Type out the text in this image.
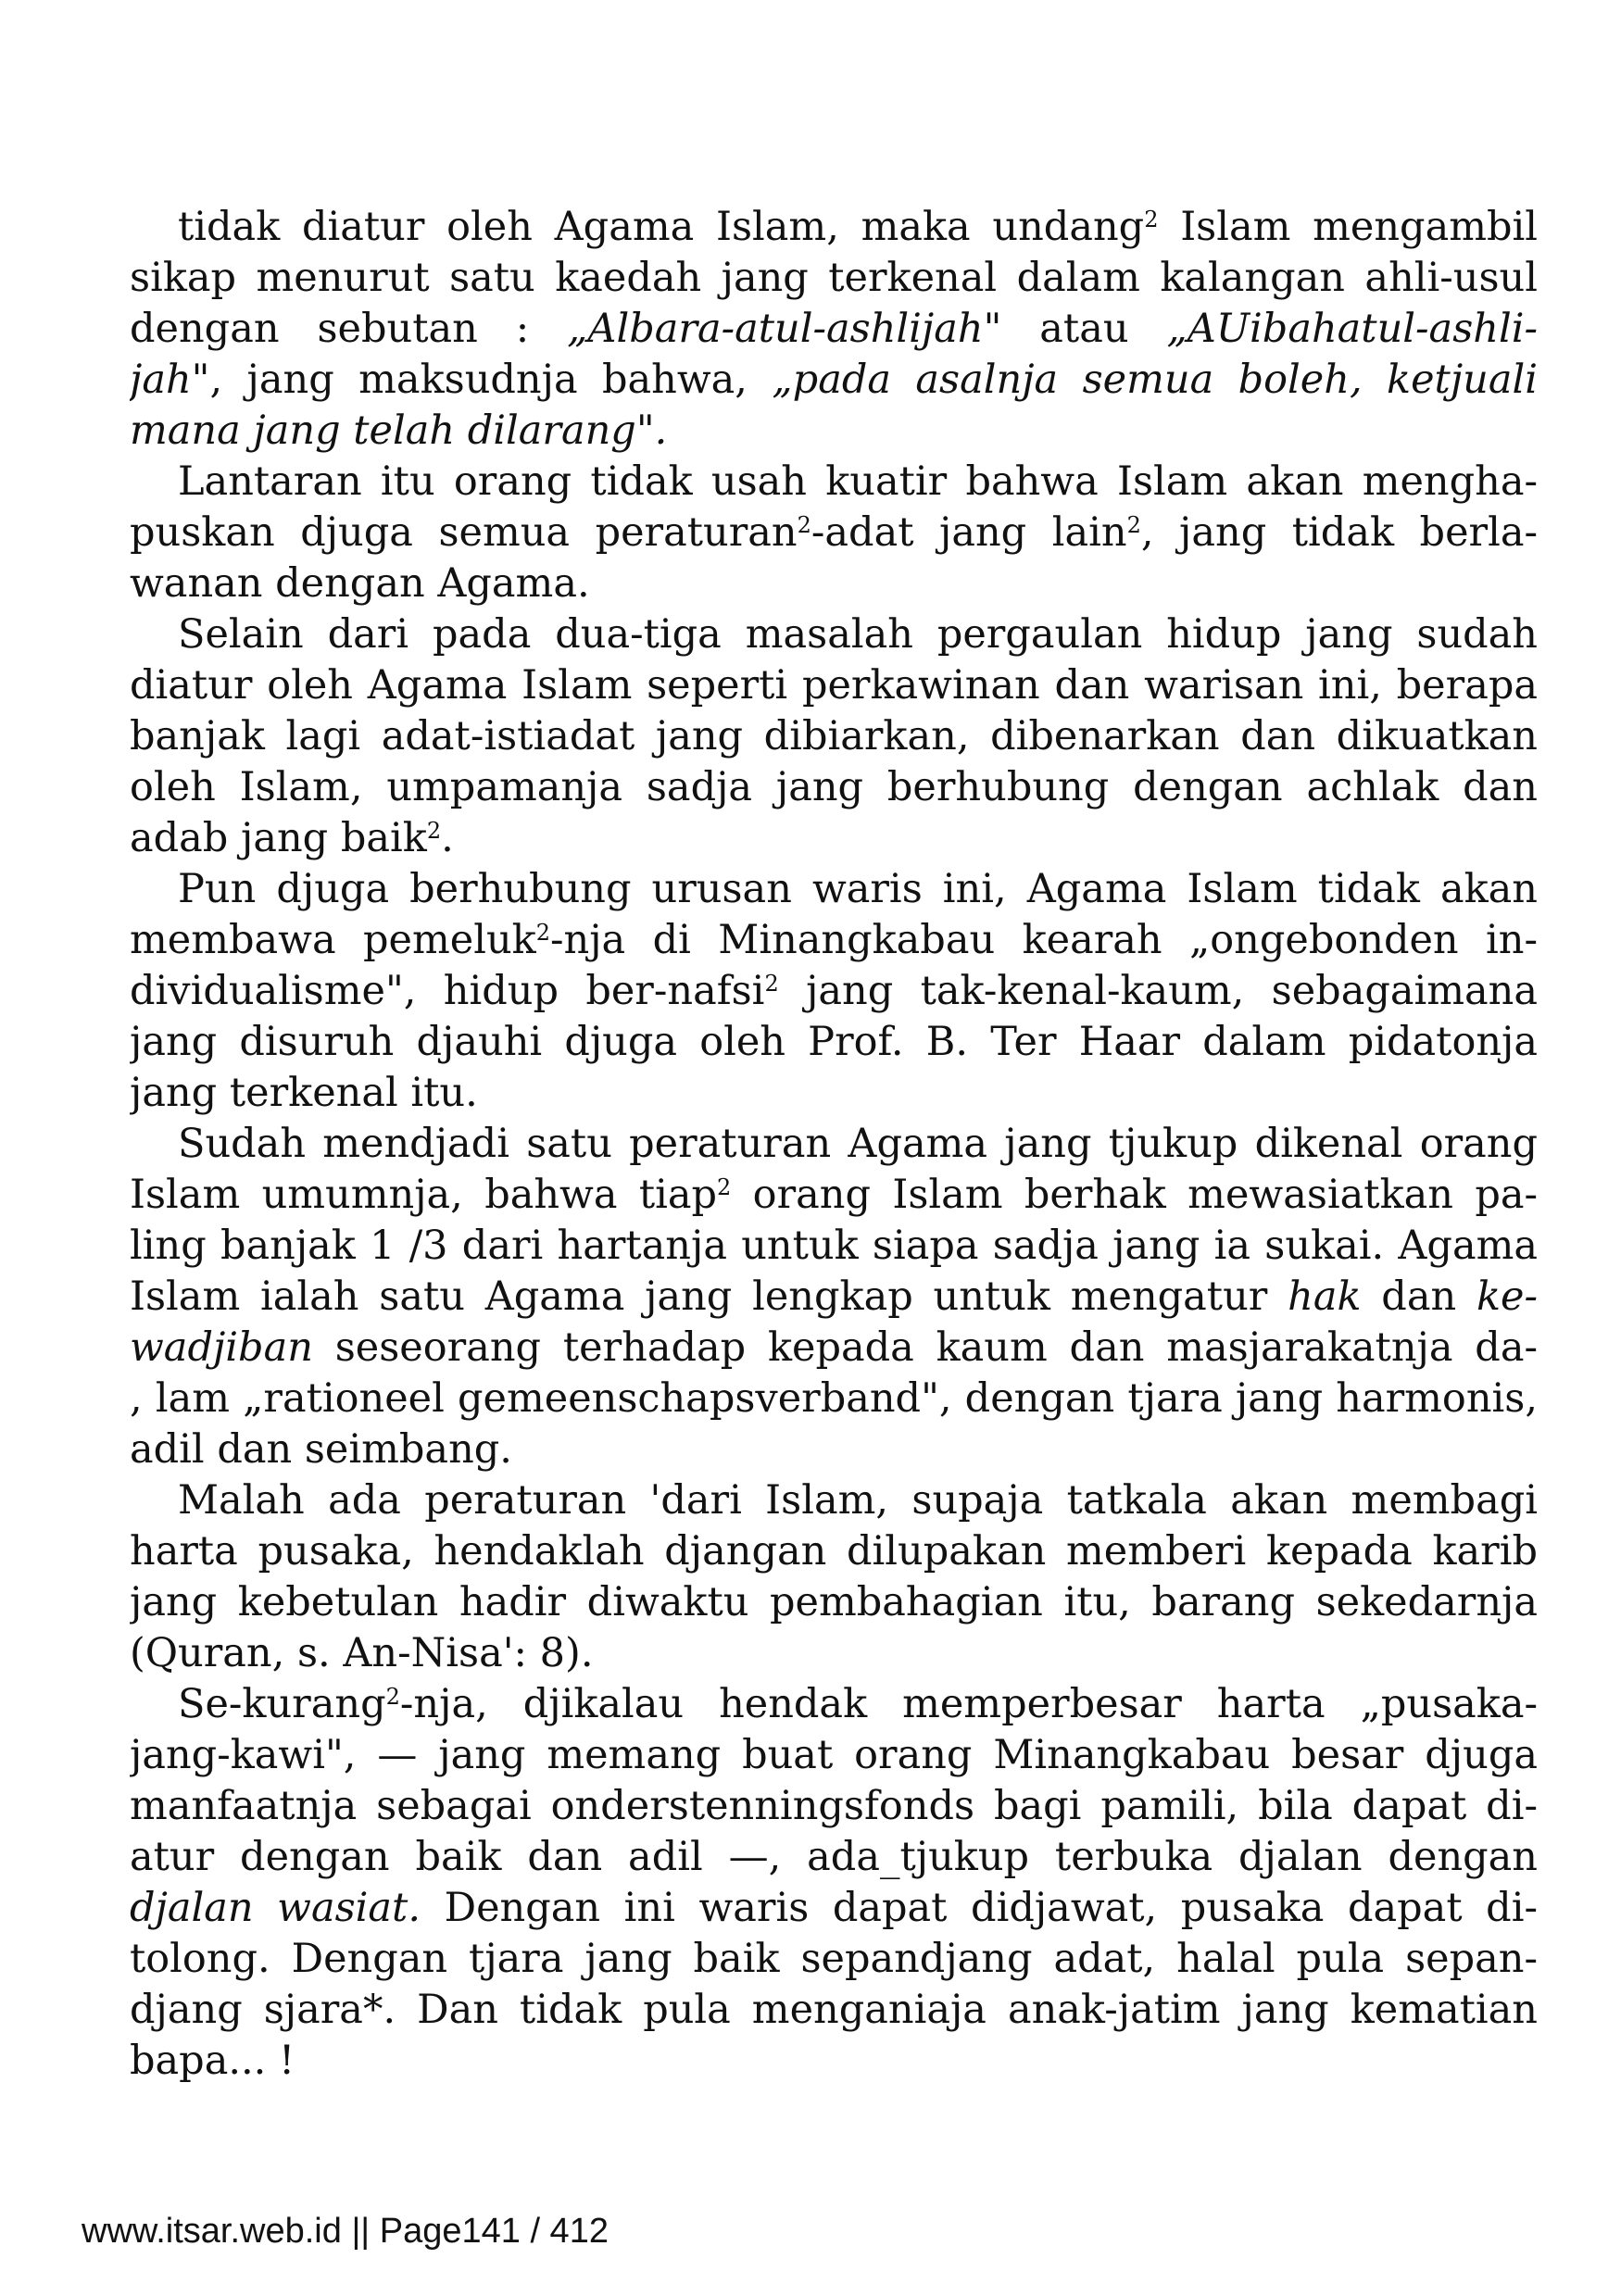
tidak diatur oleh Agama Islam, maka undang$^2$ Islam mengambil
sikap menurut satu kaedah jang terkenal dalam kalangan ahli-usul
dengan sebutan : „Albara-atul-ashlijah" atau „AUibahatul-ashli-
jah", jang maksudnja bahwa, „pada asalnja semua boleh, ketjuali
mana jang telah dilarang".
Lantaran itu orang tidak usah kuatir bahwa Islam akan mengha-
puskan djuga semua peraturan$^2$-adat jang lain$^2$, jang tidak berla-
wanan dengan Agama.
Selain dari pada dua-tiga masalah pergaulan hidup jang sudah
diatur oleh Agama Islam seperti perkawinan dan warisan ini, berapa
banjak lagi adat-istiadat jang dibiarkan, dibenarkan dan dikuatkan
oleh Islam, umpamanja sadja jang berhubung dengan achlak dan
adab jang baik$^2$.
Pun djuga berhubung urusan waris ini, Agama Islam tidak akan
membawa pemeluk$^2$-nja di Minangkabau kearah „ongebonden in-
dividualisme", hidup ber-nafsi$^2$ jang tak-kenal-kaum, sebagaimana
jang disuruh djauhi djuga oleh Prof. B. Ter Haar dalam pidatonja
jang terkenal itu.
Sudah mendjadi satu peraturan Agama jang tjukup dikenal orang
Islam umumnja, bahwa tiap$^2$ orang Islam berhak mewasiatkan pa-
ling banjak 1 /3 dari hartanja untuk siapa sadja jang ia sukai. Agama
Islam ialah satu Agama jang lengkap untuk mengatur hak dan ke-
wadjiban seseorang terhadap kepada kaum dan masjarakatnja da-
, lam „rationeel gemeenschapsverband", dengan tjara jang harmonis,
adil dan seimbang.
Malah ada peraturan 'dari Islam, supaja tatkala akan membagi
harta pusaka, hendaklah djangan dilupakan memberi kepada karib
jang kebetulan hadir diwaktu pembahagian itu, barang sekedarnja
(Quran, s. An-Nisa': 8).
Se-kurang$^2$-nja, djikalau hendak memperbesar harta „pusaka-
jang-kawi", — jang memang buat orang Minangkabau besar djuga
manfaatnja sebagai onderstenningsfonds bagi pamili, bila dapat di-
atur dengan baik dan adil —, ada_tjukup terbuka djalan dengan
djalan wasiat. Dengan ini waris dapat didjawat, pusaka dapat di-
tolong. Dengan tjara jang baik sepandjang adat, halal pula sepan-
djang sjara*. Dan tidak pula menganiaja anak-jatim jang kematian
bapa... !
www.itsar.web.id || Page141 / 412
